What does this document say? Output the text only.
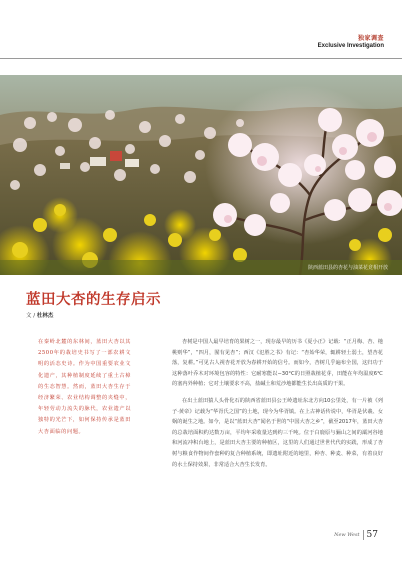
独家调查
Exclusive Investigation
陕西蓝田县的杏花与油菜花竞相开放
蓝田大杏的生存启示
文 / 杜林杰
在秦岭北麓的东林间，蓝田大杏以其2500年的栽培史书写了一部农耕文明的活态史诗。作为中国重要农业文化遗产，其种植制度延续了重土古樟的生态智慧。然而，蓝田大杏生存于经济繁荣、农业结构调整的夹缝中，年轻劳动力流失的脉代，农业遗产以独特的光芒下，如何保持传承是蓝田大杏面临的问题。

杏树是中国人最早培育的果树之一，现存最早的历书《夏小正》记载：“正月梅、杏、杝桃则华”，“四月，囿有见杏”；西汉《氾胜之书》有记：“杏始华荣，辄耕轻土弱土，望杏花落，复耕。”可见古人视杏花开放为春耕开始的信号。而如今，杏树几乎遍布全国，这归功于这种落叶乔木对环境包容的特性：它耐寒能以−30°C的日照栽植花芽，田能在年均温度6℃的塞内外种植；它对土壤要求不高，盐碱土和荒沙地都能生长出高质的干果。

在出土蓝田猿人头骨化石的陕西省蓝田县公王岭遗址东北方向10公里处，有一片被《列子·黄帝》记载为“华胥氏之国”的土地，现今为华胥镇。在上古神话传说中，华胥是伏羲、女娲的诞生之地。如今，是以“蓝田大杏”闻名于世的“中国大杏之乡”，截至2017年，蓝田大杏的总栽培面积约达数万亩，平均年采收量达到约三千吨。位于白鹿原与骊山之间的灞河谷地和河流冲积台地上，是蓝田大杏主要的种植区，这里的人们通过世世代代的实践，形成了杏树与粮食作物间作套种的复合种植系统，即遗址附近的地里，种杏、种麦、种菜，有着良好的水土保持效果，非常适合大杏生长发育。

New West 57
